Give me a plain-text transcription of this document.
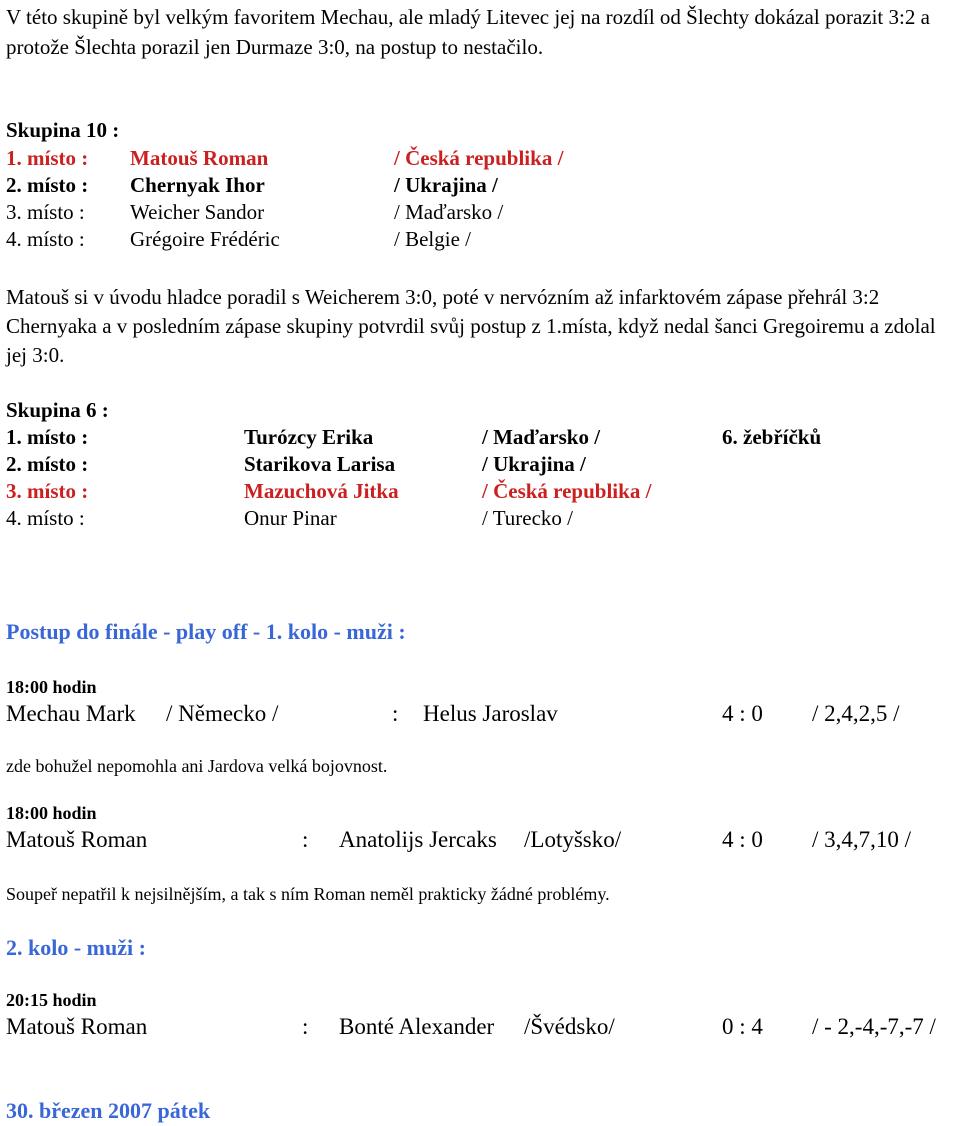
V této skupině byl velkým favoritem Mechau, ale mladý Litevec jej na rozdíl od Šlechty dokázal porazit 3:2 a protože Šlechta porazil jen Durmaze 3:0, na postup to nestačilo.
Skupina 10 :
1. místo : Matouš Roman	/ Česká republika /
2. místo : Chernyak Ihor	/ Ukrajina /
3. místo : Weicher Sandor	/ Maďarsko /
4. místo : Grégoire Frédéric	/ Belgie /
Matouš si v úvodu hladce poradil s Weicherem 3:0, poté v nervózním až infarktovém zápase přehrál 3:2 Chernyaka a v posledním zápase skupiny potvrdil svůj postup z 1.místa, když nedal šanci Gregoiremu a zdolal jej 3:0.
Skupina 6 :
1. místo :	Turózcy Erika	/ Maďarsko /	6. žebříčků
2. místo :	Starikova Larisa	/ Ukrajina /
3. místo :	Mazuchová Jitka	/ Česká republika /
4. místo :	Onur Pinar	/ Turecko /
Postup do finále - play off - 1. kolo - muži :
18:00 hodin
Mechau Mark / Německo /	: Helus Jaroslav	4 : 0 / 2,4,2,5 /
zde bohužel nepomohla ani Jardova velká bojovnost.
18:00 hodin
Matouš Roman	: Anatolijs Jercaks /Lotyšsko/	4 : 0 / 3,4,7,10 /
Soupeř nepatřil k nejsilnějším, a tak s ním Roman neměl prakticky žádné problémy.
2. kolo - muži :
20:15 hodin
Matouš Roman	: Bonté Alexander /Švédsko/	0 : 4 / - 2,-4,-7,-7 /
30. březen 2007 pátek
